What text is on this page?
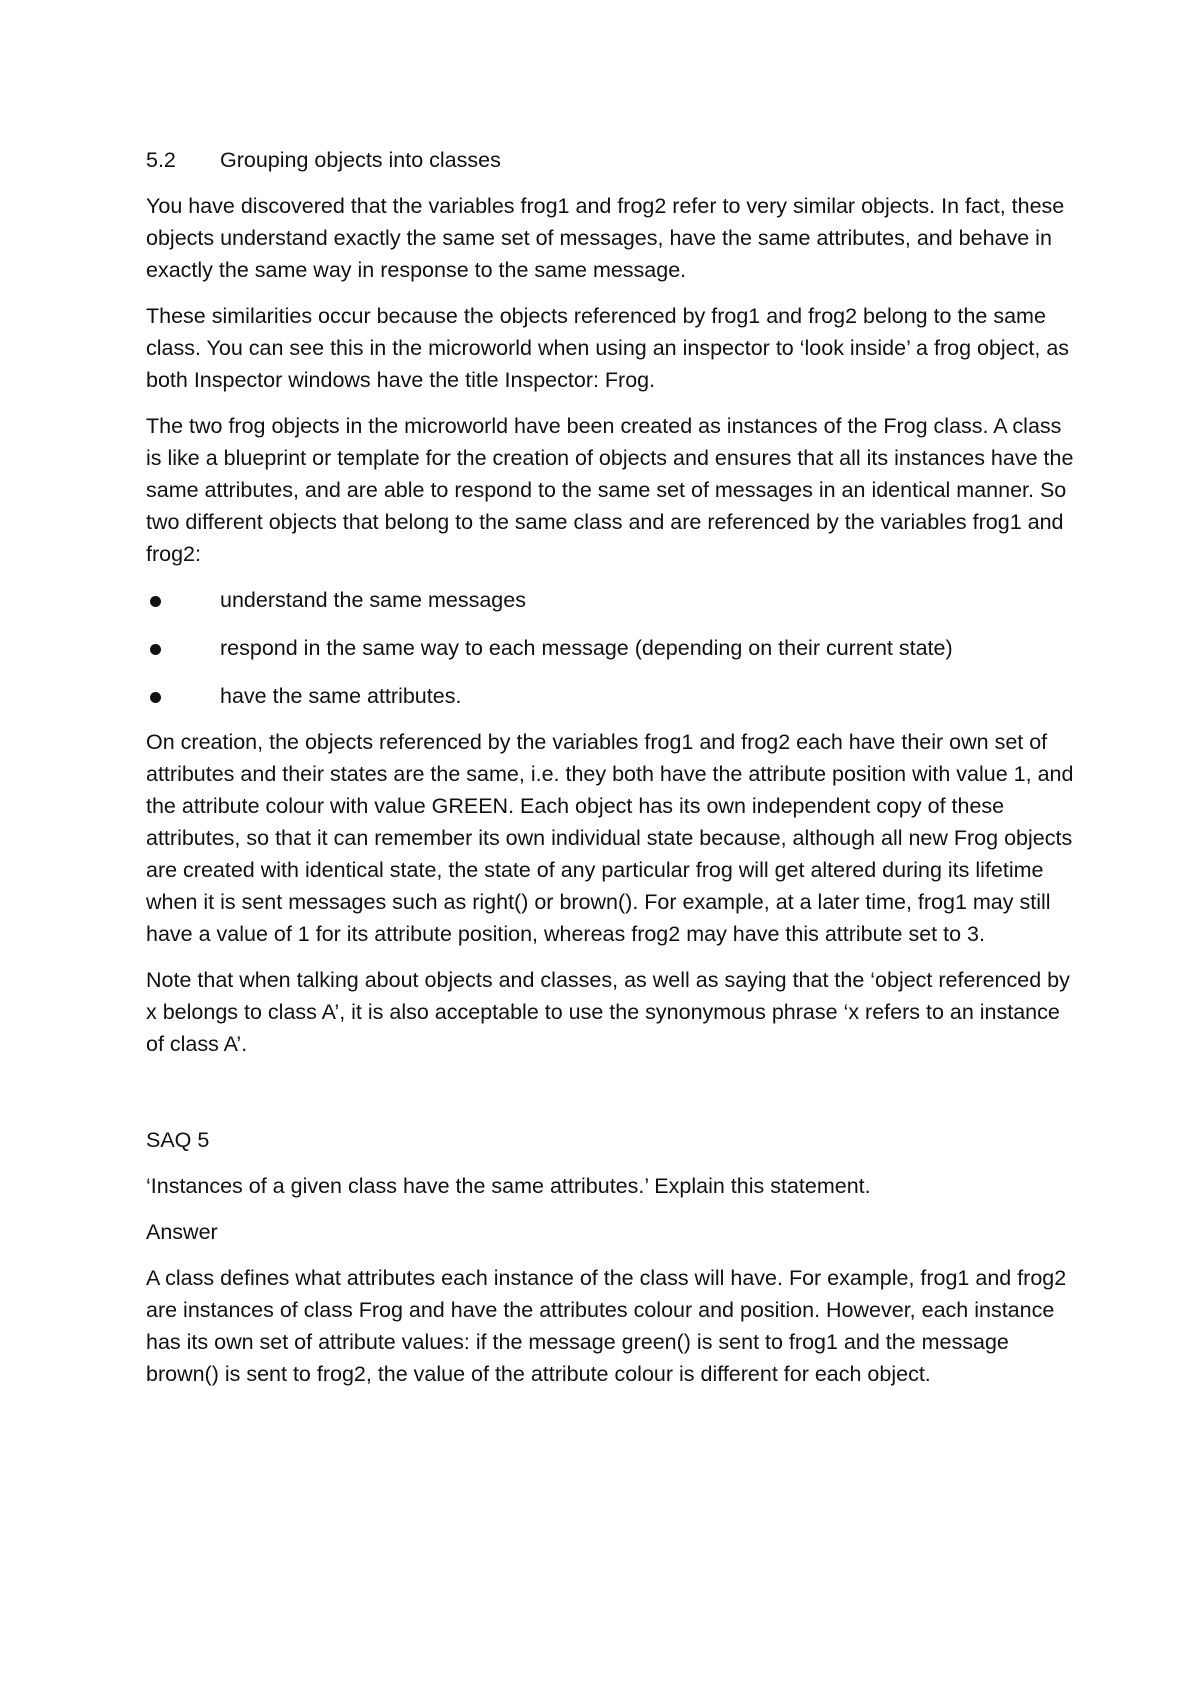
5.2	Grouping objects into classes

You have discovered that the variables frog1 and frog2 refer to very similar objects. In fact, these objects understand exactly the same set of messages, have the same attributes, and behave in exactly the same way in response to the same message.

These similarities occur because the objects referenced by frog1 and frog2 belong to the same class. You can see this in the microworld when using an inspector to ‘look inside’ a frog object, as both Inspector windows have the title Inspector: Frog.

The two frog objects in the microworld have been created as instances of the Frog class. A class is like a blueprint or template for the creation of objects and ensures that all its instances have the same attributes, and are able to respond to the same set of messages in an identical manner. So two different objects that belong to the same class and are referenced by the variables frog1 and frog2:

understand the same messages
respond in the same way to each message (depending on their current state)
have the same attributes.

On creation, the objects referenced by the variables frog1 and frog2 each have their own set of attributes and their states are the same, i.e. they both have the attribute position with value 1, and the attribute colour with value GREEN. Each object has its own independent copy of these attributes, so that it can remember its own individual state because, although all new Frog objects are created with identical state, the state of any particular frog will get altered during its lifetime when it is sent messages such as right() or brown(). For example, at a later time, frog1 may still have a value of 1 for its attribute position, whereas frog2 may have this attribute set to 3.

Note that when talking about objects and classes, as well as saying that the ‘object referenced by x belongs to class A’, it is also acceptable to use the synonymous phrase ‘x refers to an instance of class A’.

SAQ 5

‘Instances of a given class have the same attributes.’ Explain this statement.

Answer

A class defines what attributes each instance of the class will have. For example, frog1 and frog2 are instances of class Frog and have the attributes colour and position. However, each instance has its own set of attribute values: if the message green() is sent to frog1 and the message brown() is sent to frog2, the value of the attribute colour is different for each object.
